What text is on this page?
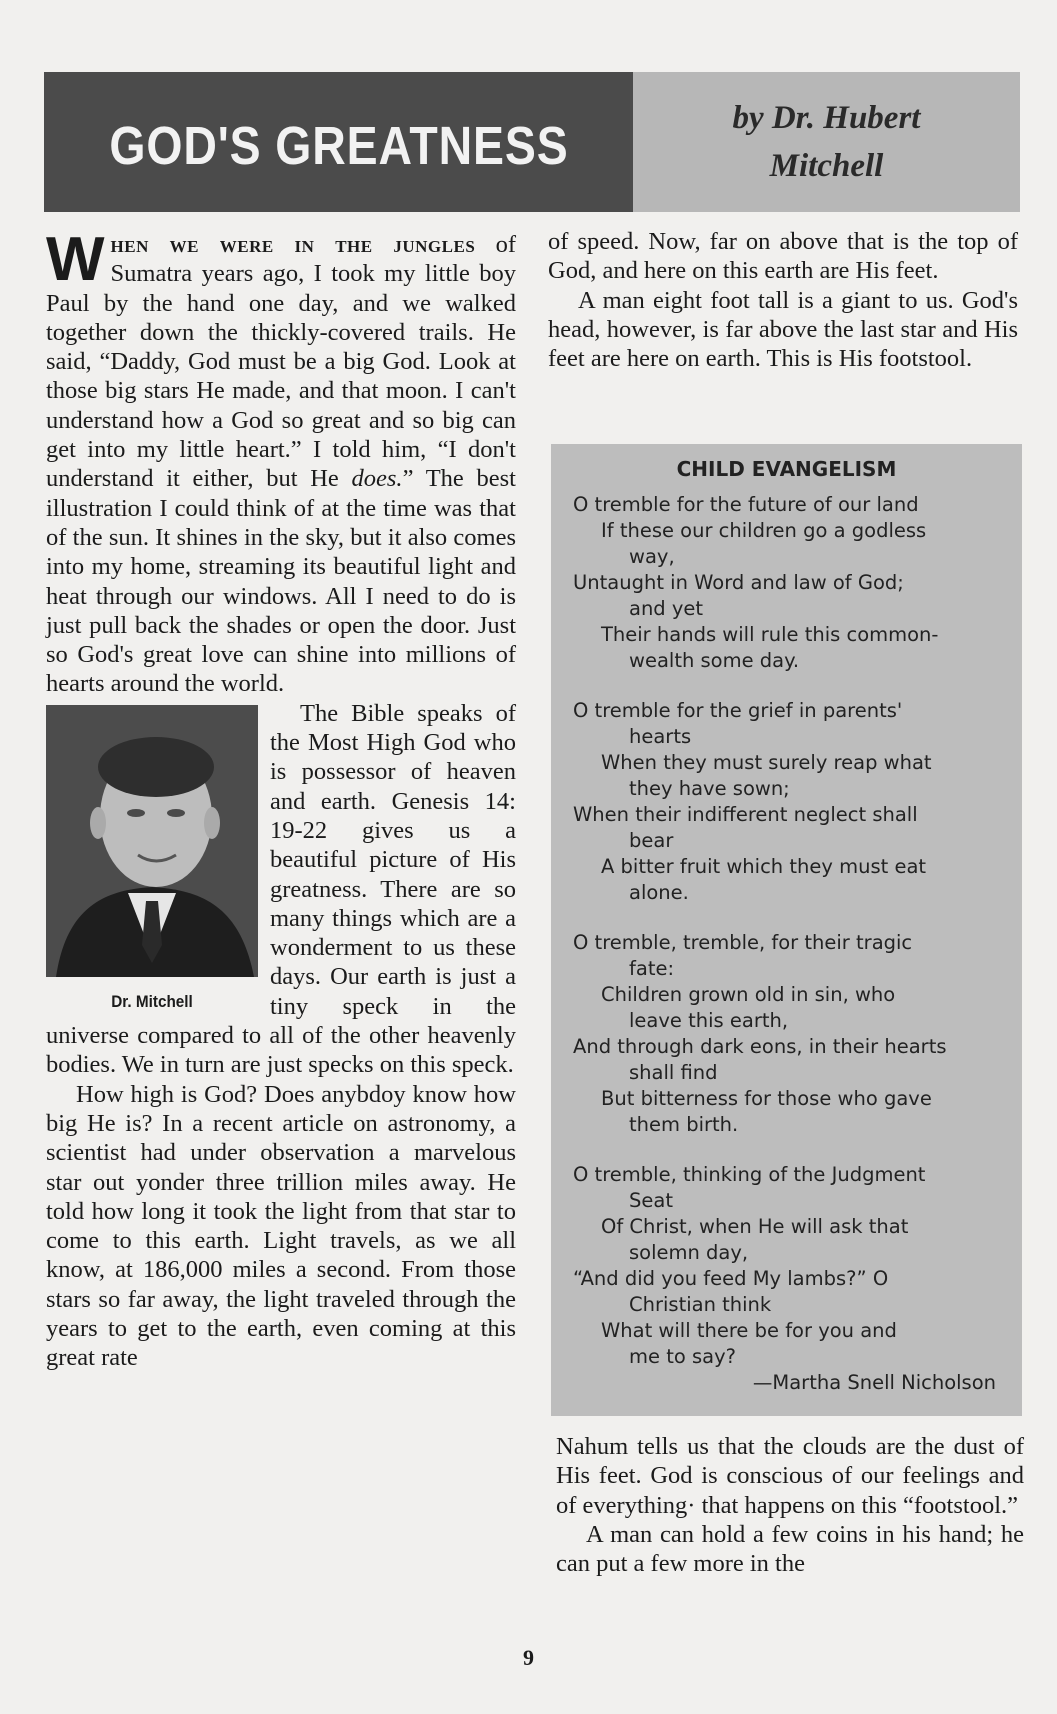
GOD'S GREATNESS	by Dr. Hubert
Mitchell

When we were in the jungles of Sumatra years ago, I took my little boy Paul by the hand one day, and we walked together down the thickly-covered trails. He said, “Daddy, God must be a big God. Look at those big stars He made, and that moon. I can't understand how a God so great and so big can get into my little heart.” I told him, “I don't understand it either, but He does.” The best illustration I could think of at the time was that of the sun. It shines in the sky, but it also comes into my home, streaming its beautiful light and heat through our windows. All I need to do is just pull back the shades or open the door. Just so God's great love can shine into millions of hearts around the world.

Dr. Mitchell
The Bible speaks of the Most High God who is possessor of heaven and earth. Genesis 14: 19-22 gives us a beautiful picture of His greatness. There are so many things which are a wonderment to us these days. Our earth is just a tiny speck in the universe compared to all of the other heavenly bodies. We in turn are just specks on this speck.

How high is God? Does anybdoy know how big He is? In a recent article on astronomy, a scientist had under observation a marvelous star out yonder three trillion miles away. He told how long it took the light from that star to come to this earth. Light travels, as we all know, at 186,000 miles a second. From those stars so far away, the light traveled through the years to get to the earth, even coming at this great rate

of speed. Now, far on above that is the top of God, and here on this earth are His feet.

A man eight foot tall is a giant to us. God's head, however, is far above the last star and His feet are here on earth. This is His footstool.

CHILD EVANGELISM
O tremble for the future of our land
If these our children go a godless
way,
Untaught in Word and law of God;
and yet
Their hands will rule this common-
wealth some day.
O tremble for the grief in parents'
hearts
When they must surely reap what
they have sown;
When their indifferent neglect shall
bear
A bitter fruit which they must eat
alone.
O tremble, tremble, for their tragic
fate:
Children grown old in sin, who
leave this earth,
And through dark eons, in their hearts
shall find
But bitterness for those who gave
them birth.
O tremble, thinking of the Judgment
Seat
Of Christ, when He will ask that
solemn day,
“And did you feed My lambs?” O
Christian think
What will there be for you and
me to say?
—Martha Snell Nicholson

Nahum tells us that the clouds are the dust of His feet. God is conscious of our feelings and of everything· that happens on this “footstool.”

A man can hold a few coins in his hand; he can put a few more in the

9
